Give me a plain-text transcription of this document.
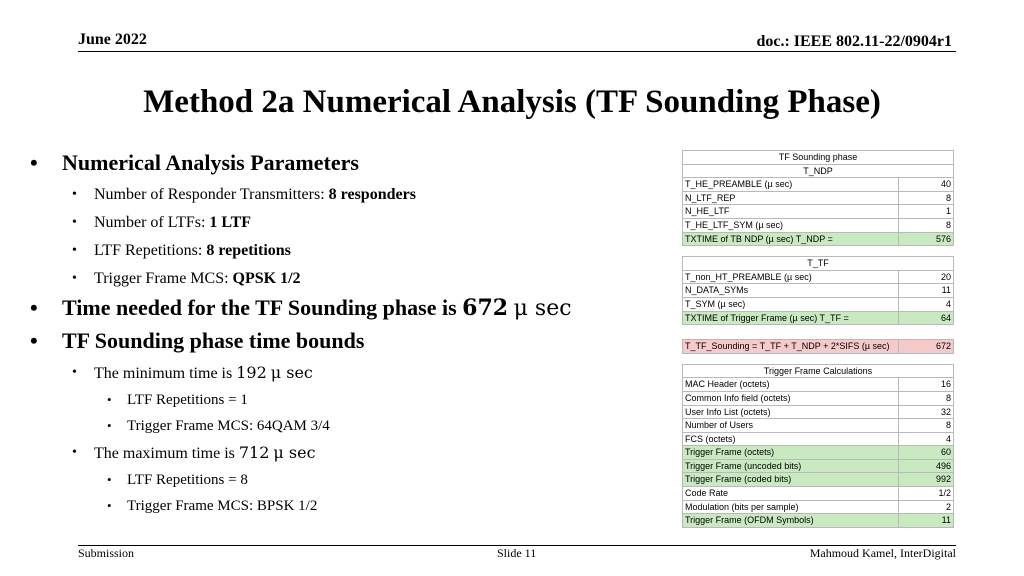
June 2022	doc.: IEEE 802.11-22/0904r1
Method 2a Numerical Analysis (TF Sounding Phase)
• Numerical Analysis Parameters
• Number of Responder Transmitters: 8 responders
• Number of LTFs: 1 LTF
• LTF Repetitions: 8 repetitions
• Trigger Frame MCS: QPSK 1/2
• Time needed for the TF Sounding phase is 672 μ sec
• TF Sounding phase time bounds
• The minimum time is 192 μ sec
• LTF Repetitions = 1
• Trigger Frame MCS: 64QAM 3/4
• The maximum time is 712 μ sec
• LTF Repetitions = 8
• Trigger Frame MCS: BPSK 1/2
TF Sounding phase	
T_NDP	
T_HE_PREAMBLE (µ sec)	40
N_LTF_REP	8
N_HE_LTF	1
T_HE_LTF_SYM (µ sec)	8
TXTIME of TB NDP (µ sec) T_NDP =	576
T_TF	
T_non_HT_PREAMBLE (µ sec)	20
N_DATA_SYMs	11
T_SYM (µ sec)	4
TXTIME of Trigger Frame (µ sec) T_TF =	64
T_TF_Sounding = T_TF + T_NDP + 2*SIFS (µ sec)	672
Trigger Frame Calculations	
MAC Header (octets)	16
Common Info field (octets)	8
User Info List (octets)	32
Number of Users	8
FCS (octets)	4
Trigger Frame (octets)	60
Trigger Frame (uncoded bits)	496
Trigger Frame (coded bits)	992
Code Rate	1/2
Modulation (bits per sample)	2
Trigger Frame (OFDM Symbols)	11
Submission	Slide 11	Mahmoud Kamel, InterDigital
